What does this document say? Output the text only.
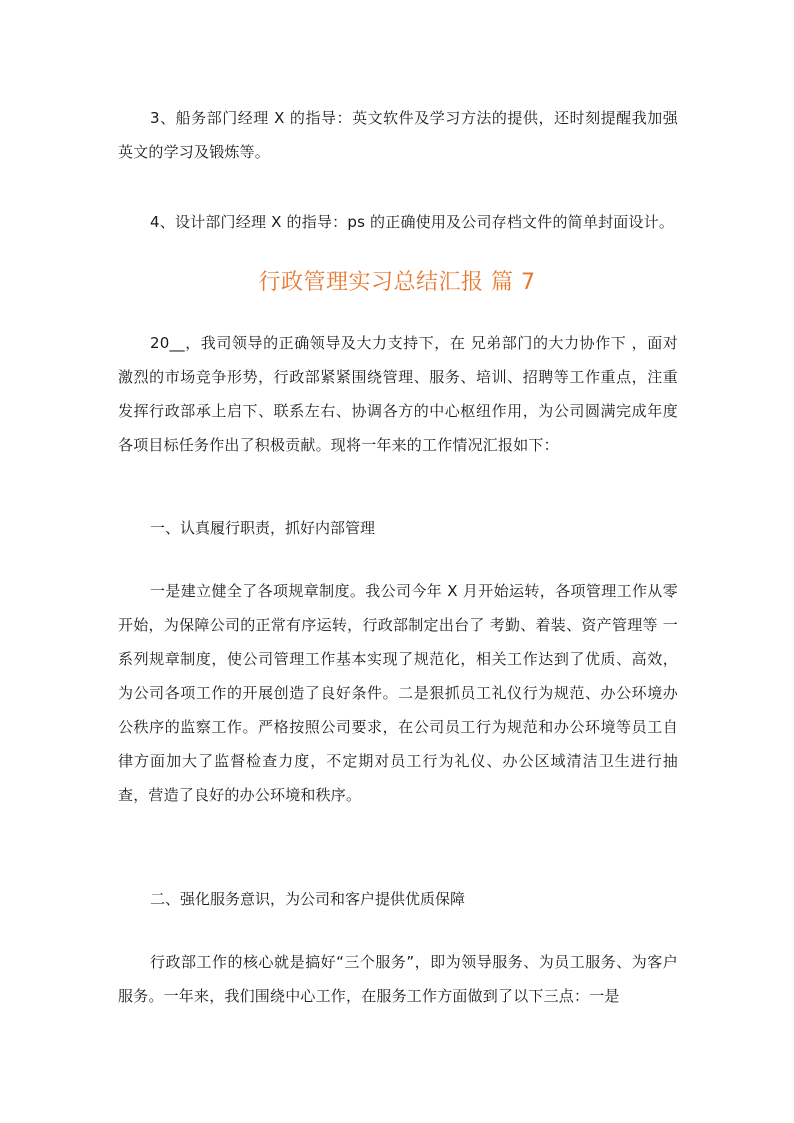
3、船务部门经理 X 的指导：英文软件及学习方法的提供，还时刻提醒我加强英文的学习及锻炼等。

4、设计部门经理 X 的指导：ps 的正确使用及公司存档文件的简单封面设计。

行政管理实习总结汇报 篇 7

20__，我司领导的正确领导及大力支持下，在 兄弟部门的大力协作下 ，面对激烈的市场竞争形势，行政部紧紧围绕管理、服务、培训、招聘等工作重点，注重发挥行政部承上启下、联系左右、协调各方的中心枢纽作用，为公司圆满完成年度各项目标任务作出了积极贡献。现将一年来的工作情况汇报如下：

一、认真履行职责，抓好内部管理

一是建立健全了各项规章制度。我公司今年 X 月开始运转，各项管理工作从零开始，为保障公司的正常有序运转，行政部制定出台了 考勤、着装、资产管理等 一系列规章制度，使公司管理工作基本实现了规范化，相关工作达到了优质、高效，为公司各项工作的开展创造了良好条件。二是狠抓员工礼仪行为规范、办公环境办公秩序的监察工作。严格按照公司要求，在公司员工行为规范和办公环境等员工自律方面加大了监督检查力度，不定期对员工行为礼仪、办公区域清洁卫生进行抽查，营造了良好的办公环境和秩序。

二、强化服务意识，为公司和客户提供优质保障

行政部工作的核心就是搞好“三个服务”，即为领导服务、为员工服务、为客户服务。一年来，我们围绕中心工作，在服务工作方面做到了以下三点：一是
